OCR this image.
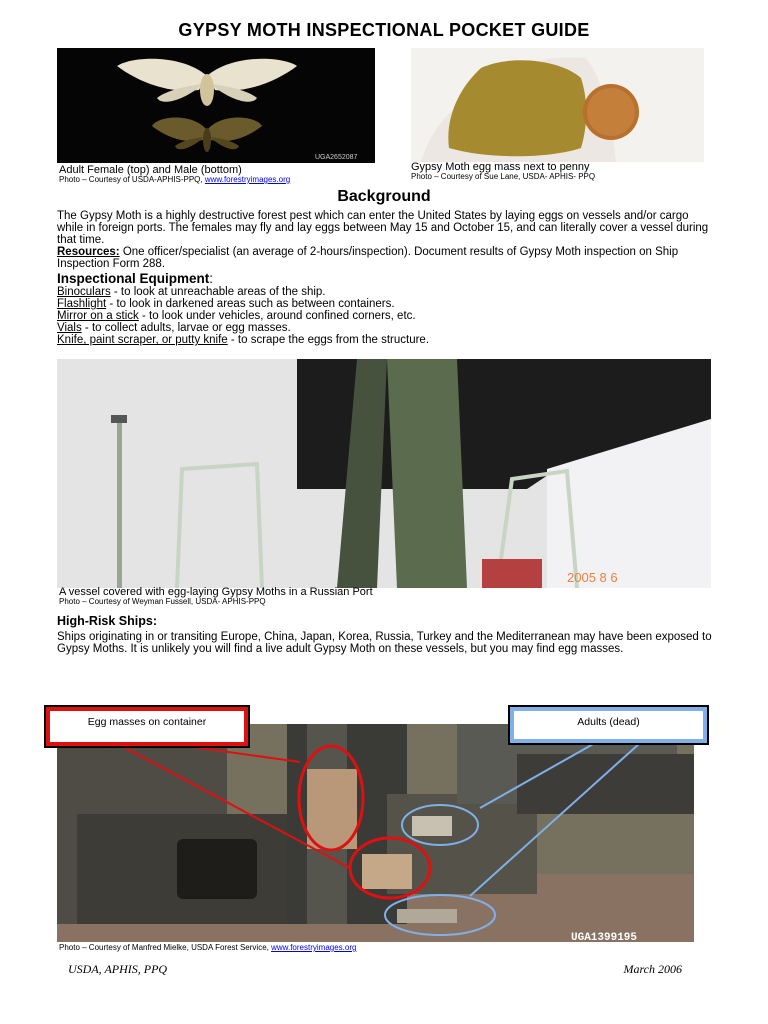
GYPSY MOTH INSPECTIONAL POCKET GUIDE
UGA2652087
Adult Female (top) and Male (bottom)
Photo – Courtesy of USDA-APHIS-PPQ, www.forestryimages.org
Gypsy Moth egg mass next to penny
Photo – Courtesy of Sue Lane, USDA- APHIS- PPQ
Background
The Gypsy Moth is a highly destructive forest pest which can enter the United States by laying eggs on vessels and/or cargo while in foreign ports. The females may fly and lay eggs between May 15 and October 15, and can literally cover a vessel during that time.
Resources: One officer/specialist (an average of 2-hours/inspection). Document results of Gypsy Moth inspection on Ship Inspection Form 288.
Inspectional Equipment:
Binoculars - to look at unreachable areas of the ship.
Flashlight - to look in darkened areas such as between containers.
Mirror on a stick - to look under vehicles, around confined corners, etc.
Vials - to collect adults, larvae or egg masses.
Knife, paint scraper, or putty knife - to scrape the eggs from the structure.
2005 8 6
A vessel covered with egg-laying Gypsy Moths in a Russian Port
Photo – Courtesy of Weyman Fussell, USDA- APHIS-PPQ
High-Risk Ships:
Ships originating in or transiting Europe, China, Japan, Korea, Russia, Turkey and the Mediterranean may have been exposed to Gypsy Moths. It is unlikely you will find a live adult Gypsy Moth on these vessels, but you may find egg masses.
UGA1399195
Egg masses on container	Adults (dead)
Photo – Courtesy of Manfred Mielke, USDA Forest Service, www.forestryimages.org
USDA, APHIS, PPQ	March 2006
